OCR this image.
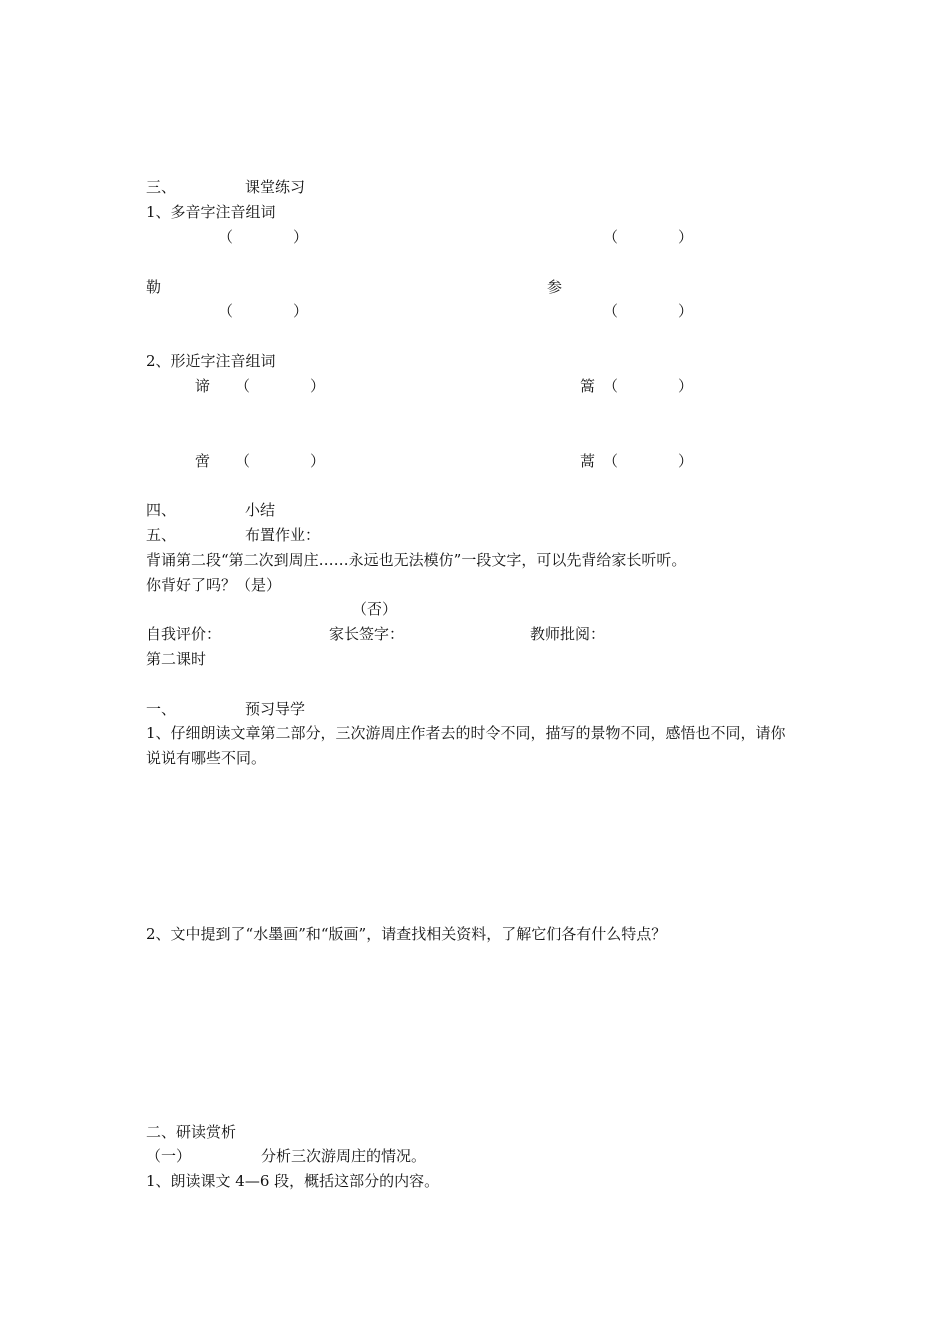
三、	课堂练习
1、多音字注音组词
（　　　　）	（　　　　）
勒	参
（　　　　）	（　　　　）
2、形近字注音组词
谛 （　　　　）	篙 （　　　　）
啻 （　　　　）	蒿 （　　　　）
四、	小结
五、	布置作业：
背诵第二段“第二次到周庄……永远也无法模仿”一段文字，可以先背给家长听听。
你背好了吗？（是）
（否）
自我评价：	家长签字：	教师批阅：
第二课时
一、	预习导学
1、仔细朗读文章第二部分，三次游周庄作者去的时令不同，描写的景物不同，感悟也不同，请你说说有哪些不同。
2、文中提到了“水墨画”和“版画”，请查找相关资料，了解它们各有什么特点？
二、研读赏析
（一）	分析三次游周庄的情况。
1、朗读课文 4—6 段，概括这部分的内容。
